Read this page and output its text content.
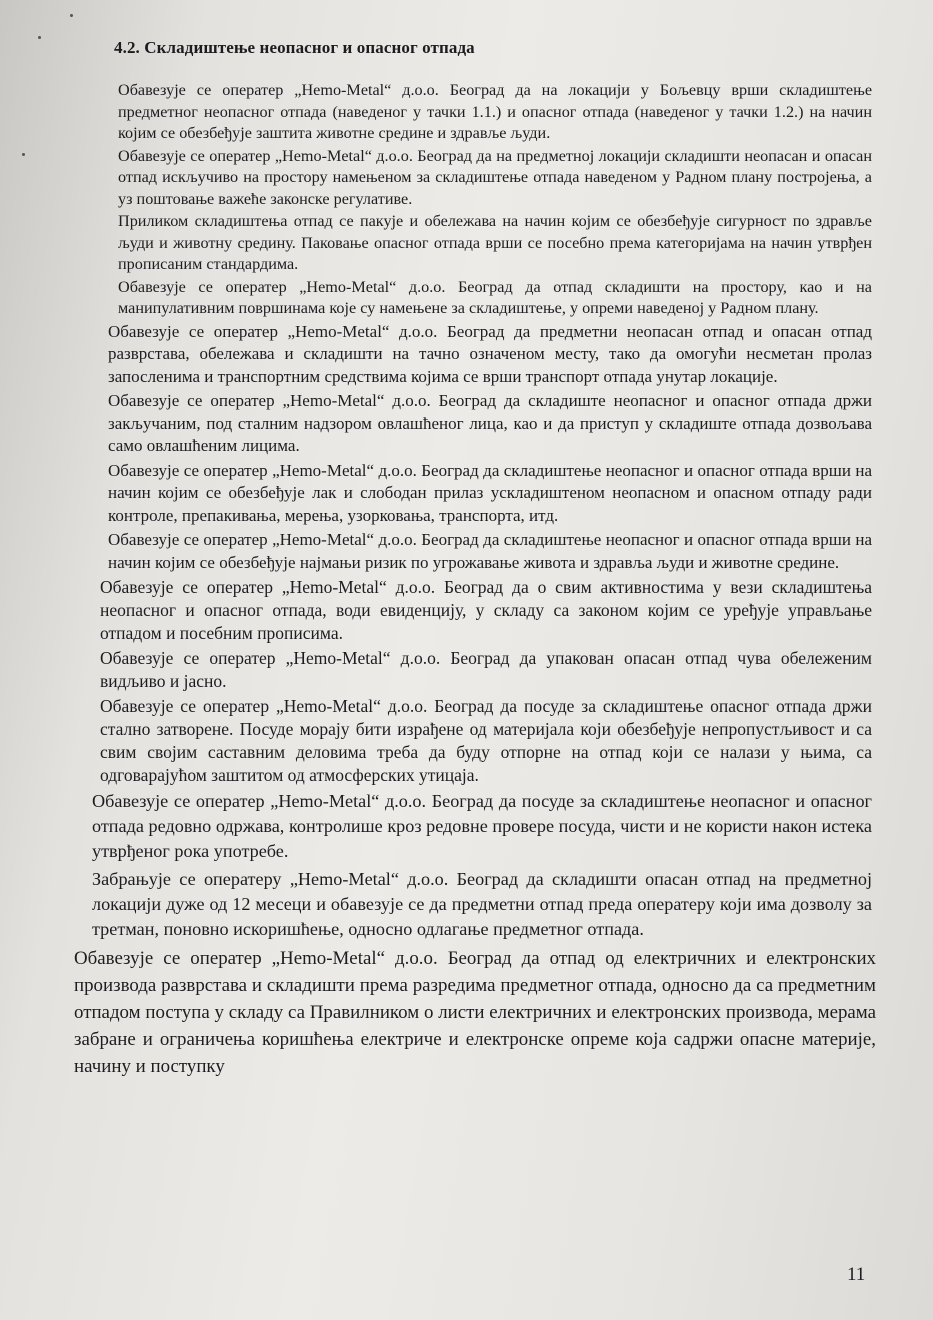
4.2. Складиштење неопасног и опасног отпада

Обавезује се оператер „Hemo-Metal“ д.о.о. Београд да на локацији у Бољевцу врши складиштење предметног неопасног отпада (наведеног у тачки 1.1.) и опасног отпада (наведеног у тачки 1.2.) на начин којим се обезбеђује заштита животне средине и здравље људи.

Обавезује се оператер „Hemo-Metal“ д.о.о. Београд да на предметној локацији складишти неопасан и опасан отпад искључиво на простору намењеном за складиштење отпада наведеном у Радном плану постројења, а уз поштовање важеће законске регулативе.

Приликом складиштења отпад се пакује и обележава на начин којим се обезбеђује сигурност по здравље људи и животну средину. Паковање опасног отпада врши се посебно према категоријама на начин утврђен прописаним стандардима.

Обавезује се оператер „Hemo-Metal“ д.о.о. Београд да отпад складишти на простору, као и на манипулативним површинама које су намењене за складиштење, у опреми наведеној у Радном плану.

Обавезује се оператер „Hemo-Metal“ д.о.о. Београд да предметни неопасан отпад и опасан отпад разврстава, обележава и складишти на тачно означеном месту, тако да омогући несметан пролаз запосленима и транспортним средствима којима се врши транспорт отпада унутар локације.

Обавезује се оператер „Hemo-Metal“ д.о.о. Београд да складиште неопасног и опасног отпада држи закључаним, под сталним надзором овлашћеног лица, као и да приступ у складиште отпада дозвољава само овлашћеним лицима.

Обавезује се оператер „Hemo-Metal“ д.о.о. Београд да складиштење неопасног и опасног отпада врши на начин којим се обезбеђује лак и слободан прилаз ускладиштеном неопасном и опасном отпаду ради контроле, препакивања, мерења, узорковања, транспорта, итд.

Обавезује се оператер „Hemo-Metal“ д.о.о. Београд да складиштење неопасног и опасног отпада врши на начин којим се обезбеђује најмањи ризик по угрожавање живота и здравља људи и животне средине.

Обавезује се оператер „Hemo-Metal“ д.о.о. Београд да о свим активностима у вези складиштења неопасног и опасног отпада, води евиденцију, у складу са законом којим се уређује управљање отпадом и посебним прописима.

Обавезује се оператер „Hemo-Metal“ д.о.о. Београд да упакован опасан отпад чува обележеним видљиво и јасно.

Обавезује се оператер „Hemo-Metal“ д.о.о. Београд да посуде за складиштење опасног отпада држи стално затворене. Посуде морају бити израђене од материјала који обезбеђује непропустљивост и са свим својим саставним деловима треба да буду отпорне на отпад који се налази у њима, са одговарајућом заштитом од атмосферских утицаја.

Обавезује се оператер „Hemo-Metal“ д.о.о. Београд да посуде за складиштење неопасног и опасног отпада редовно одржава, контролише кроз редовне провере посуда, чисти и не користи након истека утврђеног рока употребе.

Забрањује се оператеру „Hemo-Metal“ д.о.о. Београд да складишти опасан отпад на предметној локацији дуже од 12 месеци и обавезује се да предметни отпад преда оператеру који има дозволу за третман, поновно искоришћење, односно одлагање предметног отпада.

Обавезује се оператер „Hemo-Metal“ д.о.о. Београд да отпад од електричних и електронских производа разврстава и складишти према разредима предметног отпада, односно да са предметним отпадом поступа у складу са Правилником о листи електричних и електронских производа, мерама забране и ограничења коришћења електриче и електронске опреме која садржи опасне материје, начину и поступку

11
